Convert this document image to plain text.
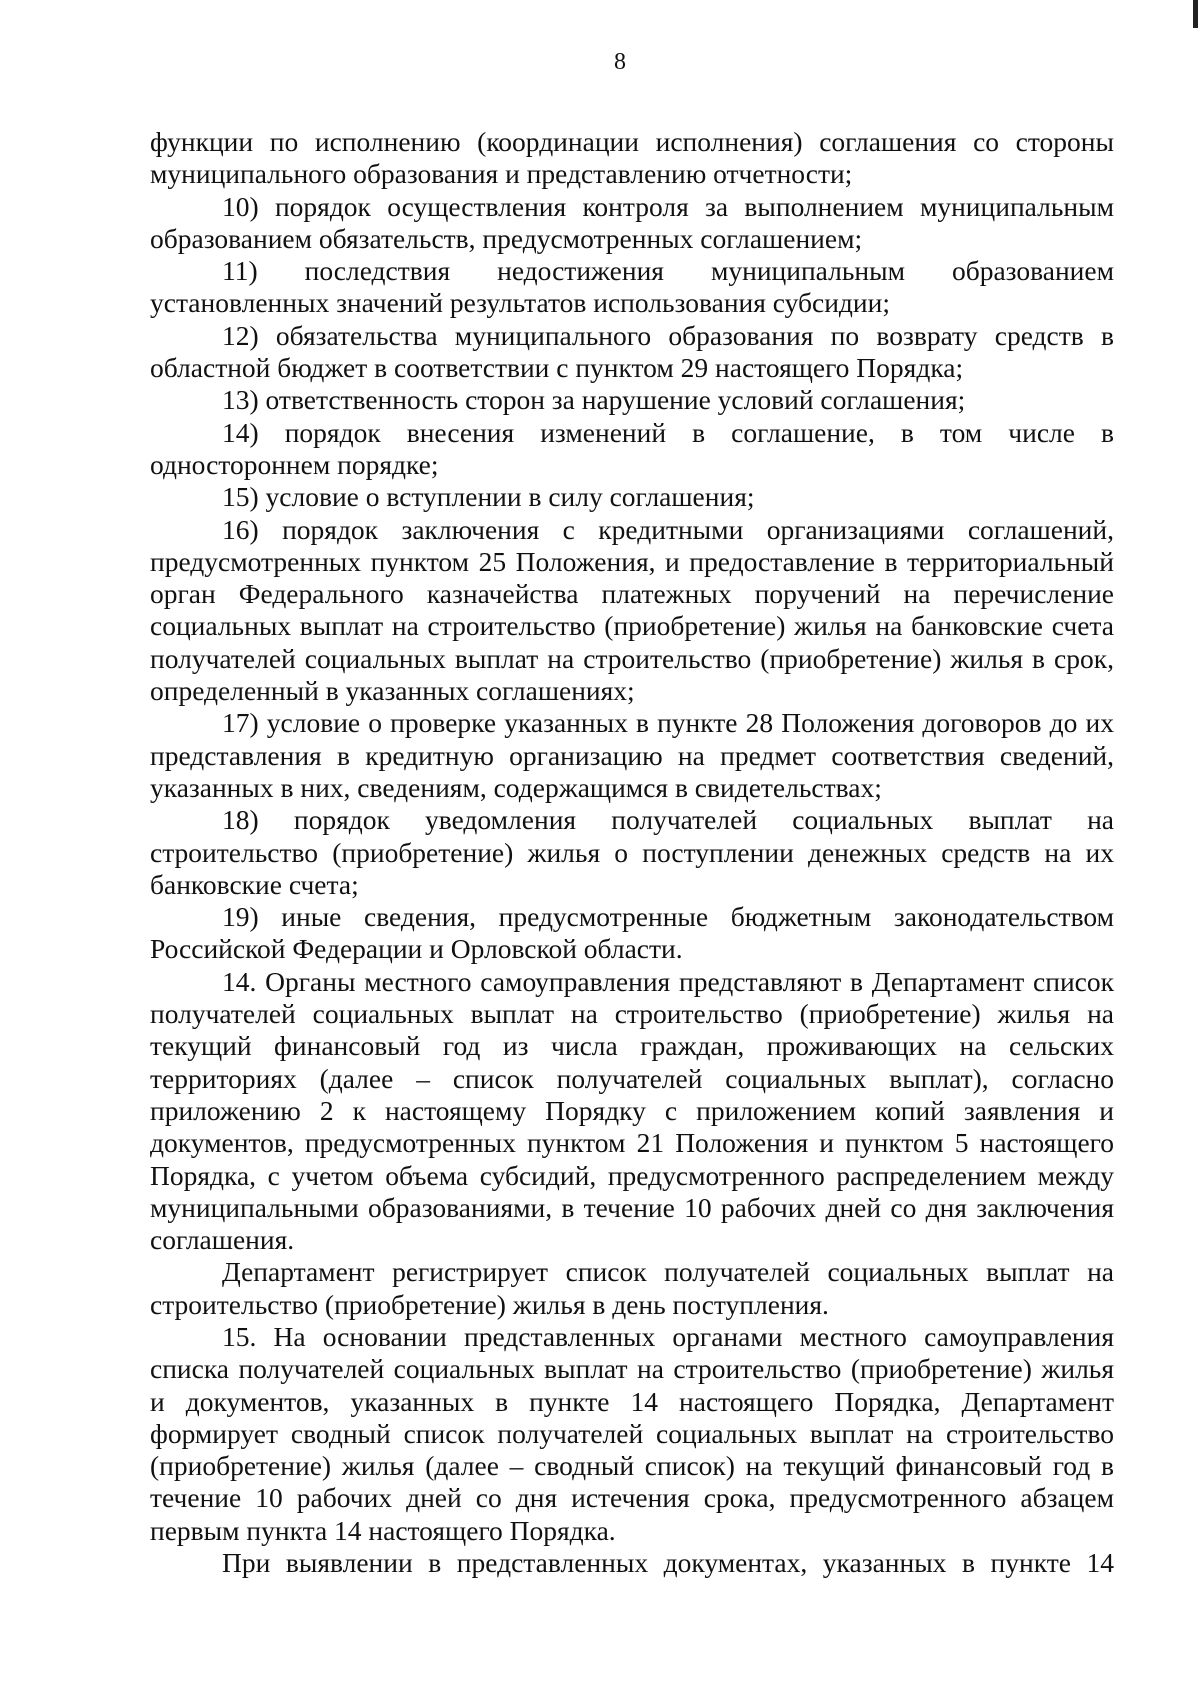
8

функции по исполнению (координации исполнения) соглашения со стороны муниципального образования и представлению отчетности;

10) порядок осуществления контроля за выполнением муниципальным образованием обязательств, предусмотренных соглашением;

11) последствия недостижения муниципальным образованием установленных значений результатов использования субсидии;

12) обязательства муниципального образования по возврату средств в областной бюджет в соответствии с пунктом 29 настоящего Порядка;

13) ответственность сторон за нарушение условий соглашения;

14) порядок внесения изменений в соглашение, в том числе в одностороннем порядке;

15) условие о вступлении в силу соглашения;

16) порядок заключения с кредитными организациями соглашений, предусмотренных пунктом 25 Положения, и предоставление в территориальный орган Федерального казначейства платежных поручений на перечисление социальных выплат на строительство (приобретение) жилья на банковские счета получателей социальных выплат на строительство (приобретение) жилья в срок, определенный в указанных соглашениях;

17) условие о проверке указанных в пункте 28 Положения договоров до их представления в кредитную организацию на предмет соответствия сведений, указанных в них, сведениям, содержащимся в свидетельствах;

18) порядок уведомления получателей социальных выплат на строительство (приобретение) жилья о поступлении денежных средств на их банковские счета;

19) иные сведения, предусмотренные бюджетным законодательством Российской Федерации и Орловской области.

14. Органы местного самоуправления представляют в Департамент список получателей социальных выплат на строительство (приобретение) жилья на текущий финансовый год из числа граждан, проживающих на сельских территориях (далее – список получателей социальных выплат), согласно приложению 2 к настоящему Порядку с приложением копий заявления и документов, предусмотренных пунктом 21 Положения и пунктом 5 настоящего Порядка, с учетом объема субсидий, предусмотренного распределением между муниципальными образованиями, в течение 10 рабочих дней со дня заключения соглашения.

Департамент регистрирует список получателей социальных выплат на строительство (приобретение) жилья в день поступления.

15. На основании представленных органами местного самоуправления списка получателей социальных выплат на строительство (приобретение) жилья и документов, указанных в пункте 14 настоящего Порядка, Департамент формирует сводный список получателей социальных выплат на строительство (приобретение) жилья (далее – сводный список) на текущий финансовый год в течение 10 рабочих дней со дня истечения срока, предусмотренного абзацем первым пункта 14 настоящего Порядка.

При выявлении в представленных документах, указанных в пункте 14
